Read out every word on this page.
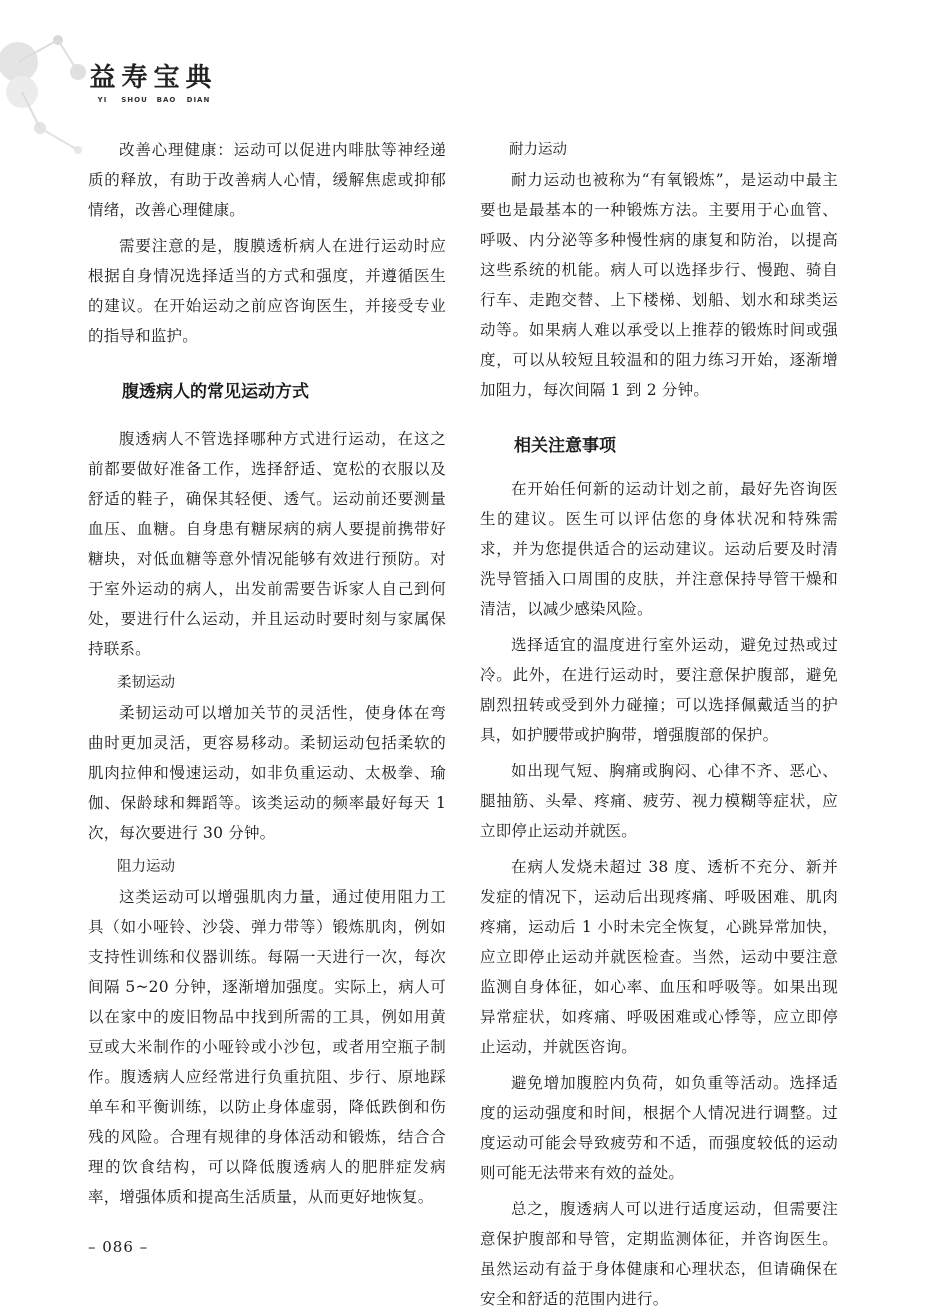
益 寿 宝 典
YI	SHOU	BAO	DIAN

改善心理健康：运动可以促进内啡肽等神经递质的释放，有助于改善病人心情，缓解焦虑或抑郁情绪，改善心理健康。

需要注意的是，腹膜透析病人在进行运动时应根据自身情况选择适当的方式和强度，并遵循医生的建议。在开始运动之前应咨询医生，并接受专业的指导和监护。

腹透病人的常见运动方式

腹透病人不管选择哪种方式进行运动，在这之前都要做好准备工作，选择舒适、宽松的衣服以及舒适的鞋子，确保其轻便、透气。运动前还要测量血压、血糖。自身患有糖尿病的病人要提前携带好糖块，对低血糖等意外情况能够有效进行预防。对于室外运动的病人，出发前需要告诉家人自己到何处，要进行什么运动，并且运动时要时刻与家属保持联系。

柔韧运动

柔韧运动可以增加关节的灵活性，使身体在弯曲时更加灵活，更容易移动。柔韧运动包括柔软的肌肉拉伸和慢速运动，如非负重运动、太极拳、瑜伽、保龄球和舞蹈等。该类运动的频率最好每天 1 次，每次要进行 30 分钟。

阻力运动

这类运动可以增强肌肉力量，通过使用阻力工具（如小哑铃、沙袋、弹力带等）锻炼肌肉，例如支持性训练和仪器训练。每隔一天进行一次，每次间隔 5~20 分钟，逐渐增加强度。实际上，病人可以在家中的废旧物品中找到所需的工具，例如用黄豆或大米制作的小哑铃或小沙包，或者用空瓶子制作。腹透病人应经常进行负重抗阻、步行、原地踩单车和平衡训练，以防止身体虚弱，降低跌倒和伤残的风险。合理有规律的身体活动和锻炼，结合合理的饮食结构，可以降低腹透病人的肥胖症发病率，增强体质和提高生活质量，从而更好地恢复。

耐力运动

耐力运动也被称为“有氧锻炼”，是运动中最主要也是最基本的一种锻炼方法。主要用于心血管、呼吸、内分泌等多种慢性病的康复和防治，以提高这些系统的机能。病人可以选择步行、慢跑、骑自行车、走跑交替、上下楼梯、划船、划水和球类运动等。如果病人难以承受以上推荐的锻炼时间或强度，可以从较短且较温和的阻力练习开始，逐渐增加阻力，每次间隔 1 到 2 分钟。

相关注意事项

在开始任何新的运动计划之前，最好先咨询医生的建议。医生可以评估您的身体状况和特殊需求，并为您提供适合的运动建议。运动后要及时清洗导管插入口周围的皮肤，并注意保持导管干燥和清洁，以减少感染风险。

选择适宜的温度进行室外运动，避免过热或过冷。此外，在进行运动时，要注意保护腹部，避免剧烈扭转或受到外力碰撞；可以选择佩戴适当的护具，如护腰带或护胸带，增强腹部的保护。

如出现气短、胸痛或胸闷、心律不齐、恶心、腿抽筋、头晕、疼痛、疲劳、视力模糊等症状，应立即停止运动并就医。

在病人发烧未超过 38 度、透析不充分、新并发症的情况下，运动后出现疼痛、呼吸困难、肌肉疼痛，运动后 1 小时未完全恢复，心跳异常加快，应立即停止运动并就医检查。当然，运动中要注意监测自身体征，如心率、血压和呼吸等。如果出现异常症状，如疼痛、呼吸困难或心悸等，应立即停止运动，并就医咨询。

避免增加腹腔内负荷，如负重等活动。选择适度的运动强度和时间，根据个人情况进行调整。过度运动可能会导致疲劳和不适，而强度较低的运动则可能无法带来有效的益处。

总之，腹透病人可以进行适度运动，但需要注意保护腹部和导管，定期监测体征，并咨询医生。虽然运动有益于身体健康和心理状态，但请确保在安全和舒适的范围内进行。

– 086 –
